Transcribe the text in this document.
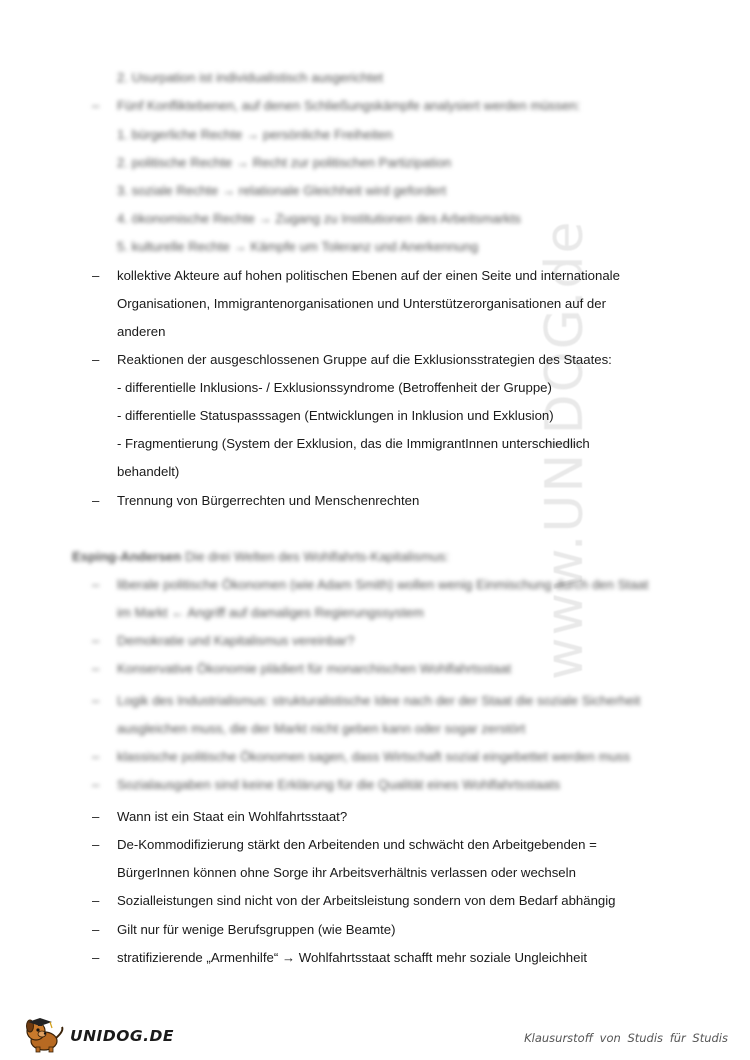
www.UNIDOG.de
2. Usurpation ist individualistisch ausgerichtet
–	Fünf Konfliktebenen, auf denen Schließungskämpfe analysiert werden müssen:
1. bürgerliche Rechte → persönliche Freiheiten
2. politische Rechte → Recht zur politischen Partizipation
3. soziale Rechte → relationale Gleichheit wird gefordert
4. ökonomische Rechte → Zugang zu Institutionen des Arbeitsmarkts
5. kulturelle Rechte → Kämpfe um Toleranz und Anerkennung
–	kollektive Akteure auf hohen politischen Ebenen auf der einen Seite und internationale
Organisationen, Immigrantenorganisationen und Unterstützerorganisationen auf der
anderen
–	Reaktionen der ausgeschlossenen Gruppe auf die Exklusionsstrategien des Staates:
- differentielle Inklusions- / Exklusionssyndrome (Betroffenheit der Gruppe)
- differentielle Statuspasssagen (Entwicklungen in Inklusion und Exklusion)
- Fragmentierung (System der Exklusion, das die ImmigrantInnen unterschiedlich
behandelt)
–	Trennung von Bürgerrechten und Menschenrechten
Esping-Andersen Die drei Welten des Wohlfahrts-Kapitalismus:
–	liberale politische Ökonomen (wie Adam Smith) wollen wenig Einmischung durch den Staat
im Markt ← Angriff auf damaliges Regierungssystem
–	Demokratie und Kapitalismus vereinbar?
–	Konservative Ökonomie plädiert für monarchischen Wohlfahrtsstaat
–	Logik des Industrialismus: strukturalistische Idee nach der der Staat die soziale Sicherheit
ausgleichen muss, die der Markt nicht geben kann oder sogar zerstört
–	klassische politische Ökonomen sagen, dass Wirtschaft sozial eingebettet werden muss
–	Sozialausgaben sind keine Erklärung für die Qualität eines Wohlfahrtsstaats
–	Wann ist ein Staat ein Wohlfahrtsstaat?
–	De-Kommodifizierung stärkt den Arbeitenden und schwächt den Arbeitgebenden =
BürgerInnen können ohne Sorge ihr Arbeitsverhältnis verlassen oder wechseln
–	Sozialleistungen sind nicht von der Arbeitsleistung sondern von dem Bedarf abhängig
–	Gilt nur für wenige Berufsgruppen (wie Beamte)
–	stratifizierende „Armenhilfe“ → Wohlfahrtsstaat schafft mehr soziale Ungleichheit
UNIDOG.DE	Klausurstoff von Studis für Studis
